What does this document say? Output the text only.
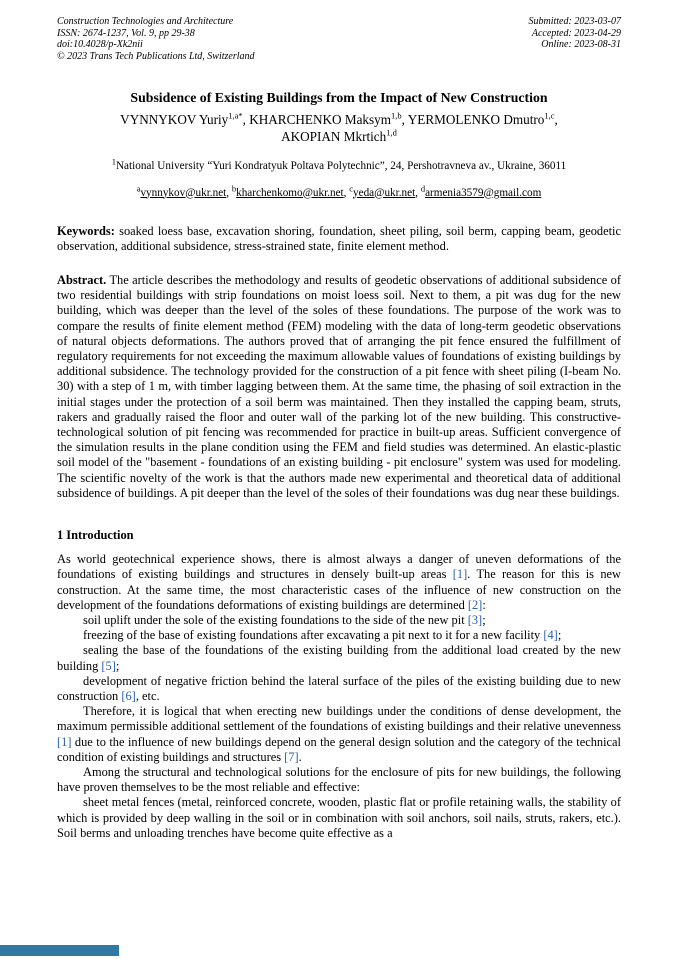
Construction Technologies and Architecture
ISSN: 2674-1237, Vol. 9, pp 29-38
doi:10.4028/p-Xk2nii
© 2023 Trans Tech Publications Ltd, Switzerland
Submitted: 2023-03-07
Accepted: 2023-04-29
Online: 2023-08-31
Subsidence of Existing Buildings from the Impact of New Construction
VYNNYKOV Yuriy$^{1,a*}$, KHARCHENKO Maksym$^{1,b}$, YERMOLENKO Dmutro$^{1,c}$,
AKOPIAN Mkrtich$^{1,d}$
$^1$National University “Yuri Kondratyuk Poltava Polytechnic”, 24, Pershotravneva av., Ukraine, 36011
$^a$vynnykov@ukr.net, $^b$kharchenkomo@ukr.net, $^c$yeda@ukr.net, $^d$armenia3579@gmail.com
Keywords: soaked loess base, excavation shoring, foundation, sheet piling, soil berm, capping beam, geodetic observation, additional subsidence, stress-strained state, finite element method.
Abstract. The article describes the methodology and results of geodetic observations of additional subsidence of two residential buildings with strip foundations on moist loess soil. Next to them, a pit was dug for the new building, which was deeper than the level of the soles of these foundations. The purpose of the work was to compare the results of finite element method (FEM) modeling with the data of long-term geodetic observations of natural objects deformations. The authors proved that of arranging the pit fence ensured the fulfillment of regulatory requirements for not exceeding the maximum allowable values of foundations of existing buildings by additional subsidence. The technology provided for the construction of a pit fence with sheet piling (I-beam No. 30) with a step of 1 m, with timber lagging between them. At the same time, the phasing of soil extraction in the initial stages under the protection of a soil berm was maintained. Then they installed the capping beam, struts, rakers and gradually raised the floor and outer wall of the parking lot of the new building. This constructive-technological solution of pit fencing was recommended for practice in built-up areas. Sufficient convergence of the simulation results in the plane condition using the FEM and field studies was determined. An elastic-plastic soil model of the "basement - foundations of an existing building - pit enclosure" system was used for modeling. The scientific novelty of the work is that the authors made new experimental and theoretical data of additional subsidence of buildings. A pit deeper than the level of the soles of their foundations was dug near these buildings.
1 Introduction

As world geotechnical experience shows, there is almost always a danger of uneven deformations of the foundations of existing buildings and structures in densely built-up areas [1]. The reason for this is new construction. At the same time, the most characteristic cases of the influence of new construction on the development of the foundations deformations of existing buildings are determined [2]:

soil uplift under the sole of the existing foundations to the side of the new pit [3];

freezing of the base of existing foundations after excavating a pit next to it for a new facility [4];

sealing the base of the foundations of the existing building from the additional load created by the new building [5];

development of negative friction behind the lateral surface of the piles of the existing building due to new construction [6], etc.

Therefore, it is logical that when erecting new buildings under the conditions of dense development, the maximum permissible additional settlement of the foundations of existing buildings and their relative unevenness [1] due to the influence of new buildings depend on the general design solution and the category of the technical condition of existing buildings and structures [7].

Among the structural and technological solutions for the enclosure of pits for new buildings, the following have proven themselves to be the most reliable and effective:

sheet metal fences (metal, reinforced concrete, wooden, plastic flat or profile retaining walls, the stability of which is provided by deep walling in the soil or in combination with soil anchors, soil nails, struts, rakers, etc.). Soil berms and unloading trenches have become quite effective as a
